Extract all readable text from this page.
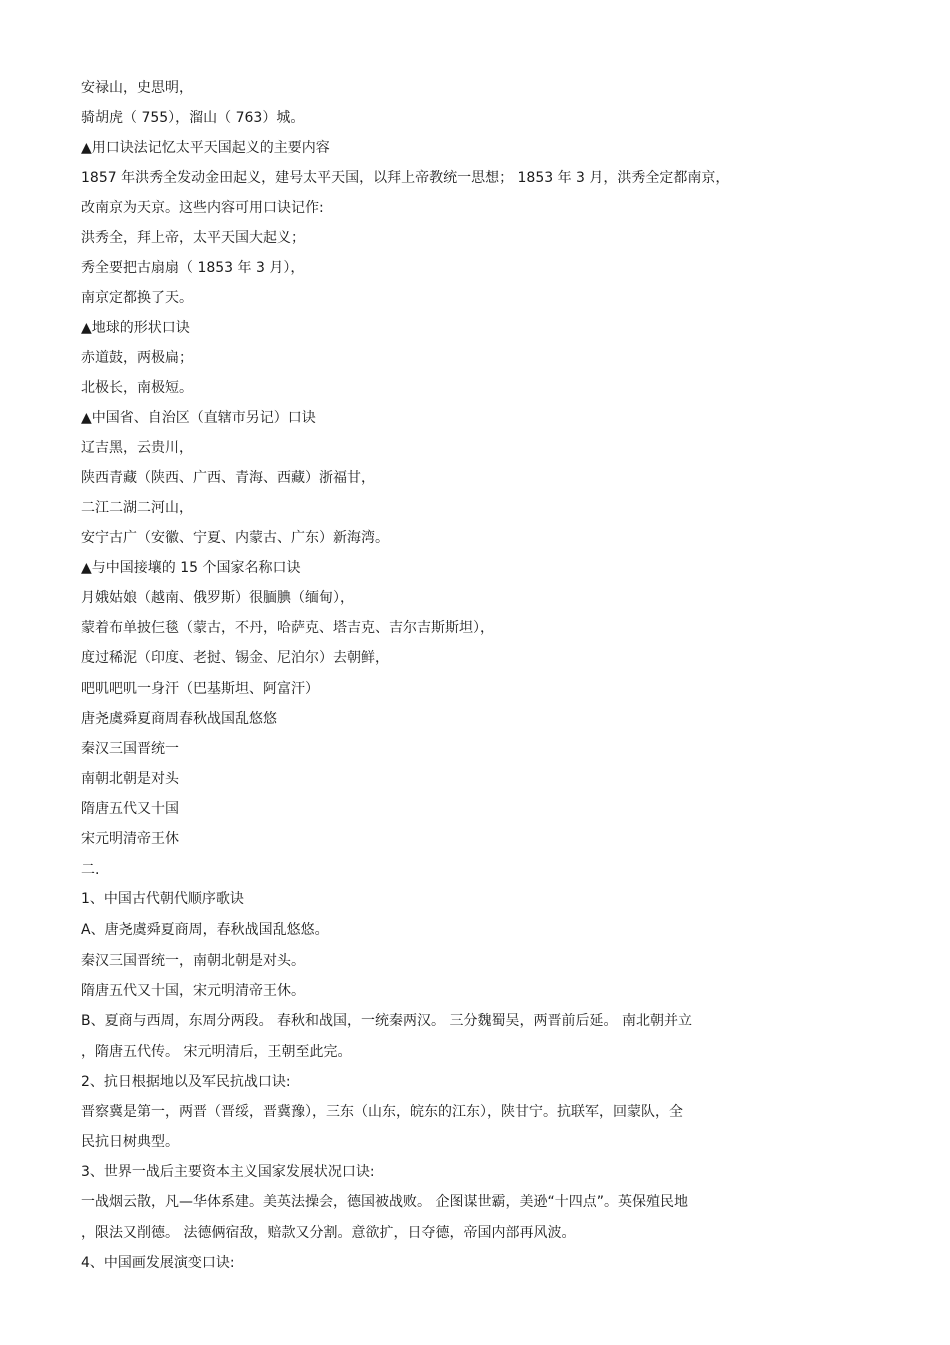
安禄山，史思明，
骑胡虎（ 755），溜山（ 763）城。
▲用口诀法记忆太平天国起义的主要内容
1857 年洪秀全发动金田起义，建号太平天国，以拜上帝教统一思想； 1853 年 3 月，洪秀全定都南京，
改南京为天京。这些内容可用口诀记作:
洪秀全，拜上帝，太平天国大起义；
秀全要把古扇扇（ 1853 年 3 月），
南京定都换了天。
▲地球的形状口诀
赤道鼓，两极扁；
北极长，南极短。
▲中国省、自治区（直辖市另记）口诀
辽吉黑，云贵川，
陕西青藏（陕西、广西、青海、西藏）浙福甘，
二江二湖二河山，
安宁古广（安徽、宁夏、内蒙古、广东）新海湾。
▲与中国接壤的 15 个国家名称口诀
月娥姑娘（越南、俄罗斯）很腼腆（缅甸），
蒙着布单披仨毯（蒙古，不丹，哈萨克、塔吉克、吉尔吉斯斯坦），
度过稀泥（印度、老挝、锡金、尼泊尔）去朝鲜，
吧叽吧叽一身汗（巴基斯坦、阿富汗）
唐尧虞舜夏商周春秋战国乱悠悠
秦汉三国晋统一
南朝北朝是对头
隋唐五代又十国
宋元明清帝王休
二.
1、中国古代朝代顺序歌诀
A、唐尧虞舜夏商周，春秋战国乱悠悠。
秦汉三国晋统一，南朝北朝是对头。
隋唐五代又十国，宋元明清帝王休。
B、夏商与西周，东周分两段。 春秋和战国，一统秦两汉。 三分魏蜀吴，两晋前后延。 南北朝并立
，隋唐五代传。 宋元明清后，王朝至此完。
2、抗日根据地以及军民抗战口诀:
晋察冀是第一，两晋（晋绥，晋冀豫），三东（山东，皖东的江东），陕甘宁。抗联军，回蒙队，全
民抗日树典型。
3、世界一战后主要资本主义国家发展状况口诀:
一战烟云散，凡—华体系建。美英法操会，德国被战败。 企图谋世霸，美逊“十四点”。英保殖民地
，限法又削德。 法德俩宿敌，赔款又分割。意欲扩，日夺德，帝国内部再风波。
4、中国画发展演变口诀:
